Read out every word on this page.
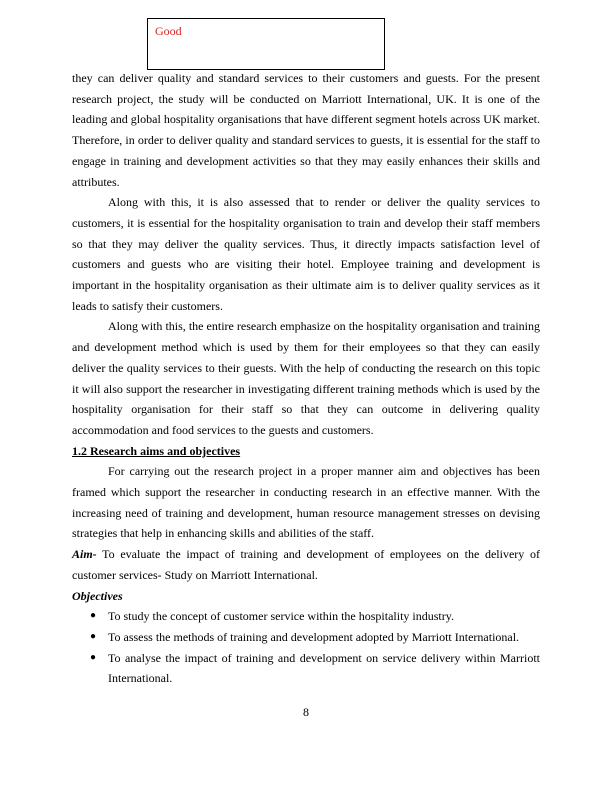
Good

they can deliver quality and standard services to their customers and guests. For the present research project, the study will be conducted on Marriott International, UK. It is one of the leading and global hospitality organisations that have different segment hotels across UK market. Therefore, in order to deliver quality and standard services to guests, it is essential for the staff to engage in training and development activities so that they may easily enhances their skills and attributes.

Along with this, it is also assessed that to render or deliver the quality services to customers, it is essential for the hospitality organisation to train and develop their staff members so that they may deliver the quality services. Thus, it directly impacts satisfaction level of customers and guests who are visiting their hotel. Employee training and development is important in the hospitality organisation as their ultimate aim is to deliver quality services as it leads to satisfy their customers.

Along with this, the entire research emphasize on the hospitality organisation and training and development method which is used by them for their employees so that they can easily deliver the quality services to their guests. With the help of conducting the research on this topic it will also support the researcher in investigating different training methods which is used by the hospitality organisation for their staff so that they can outcome in delivering quality accommodation and food services to the guests and customers.

1.2 Research aims and objectives

For carrying out the research project in a proper manner aim and objectives has been framed which support the researcher in conducting research in an effective manner. With the increasing need of training and development, human resource management stresses on devising strategies that help in enhancing skills and abilities of the staff.

Aim- To evaluate the impact of training and development of employees on the delivery of customer services- Study on Marriott International.

Objectives

● To study the concept of customer service within the hospitality industry.
● To assess the methods of training and development adopted by Marriott International.
● To analyse the impact of training and development on service delivery within Marriott International.
8
